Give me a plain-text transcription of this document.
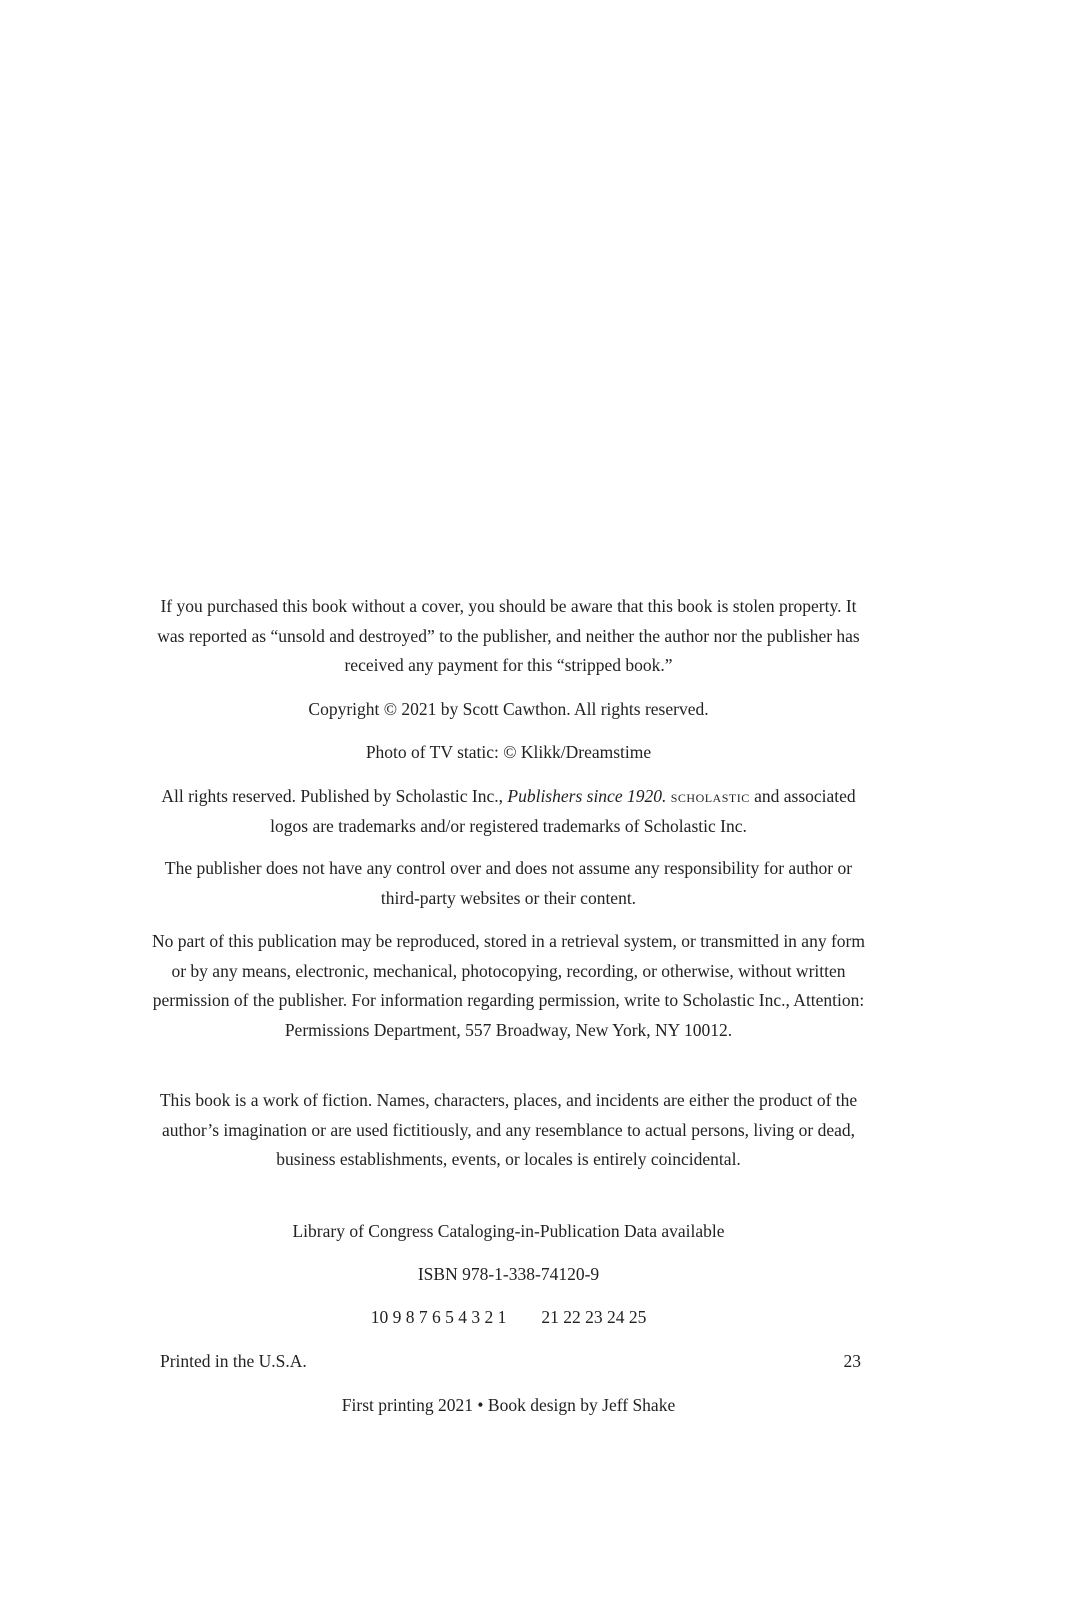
If you purchased this book without a cover, you should be aware that this book is stolen property. It was reported as “unsold and destroyed” to the publisher, and neither the author nor the publisher has received any payment for this “stripped book.”
Copyright © 2021 by Scott Cawthon. All rights reserved.
Photo of TV static: © Klikk/Dreamstime
All rights reserved. Published by Scholastic Inc., Publishers since 1920. scholastic and associated logos are trademarks and/or registered trademarks of Scholastic Inc.
The publisher does not have any control over and does not assume any responsibility for author or third-party websites or their content.
No part of this publication may be reproduced, stored in a retrieval system, or transmitted in any form or by any means, electronic, mechanical, photocopying, recording, or otherwise, without written permission of the publisher. For information regarding permission, write to Scholastic Inc., Attention: Permissions Department, 557 Broadway, New York, NY 10012.
This book is a work of fiction. Names, characters, places, and incidents are either the product of the author’s imagination or are used fictitiously, and any resemblance to actual persons, living or dead, business establishments, events, or locales is entirely coincidental.
Library of Congress Cataloging-in-Publication Data available
ISBN 978-1-338-74120-9
10 9 8 7 6 5 4 3 2 1 21 22 23 24 25
Printed in the U.S.A.	23
First printing 2021 • Book design by Jeff Shake
